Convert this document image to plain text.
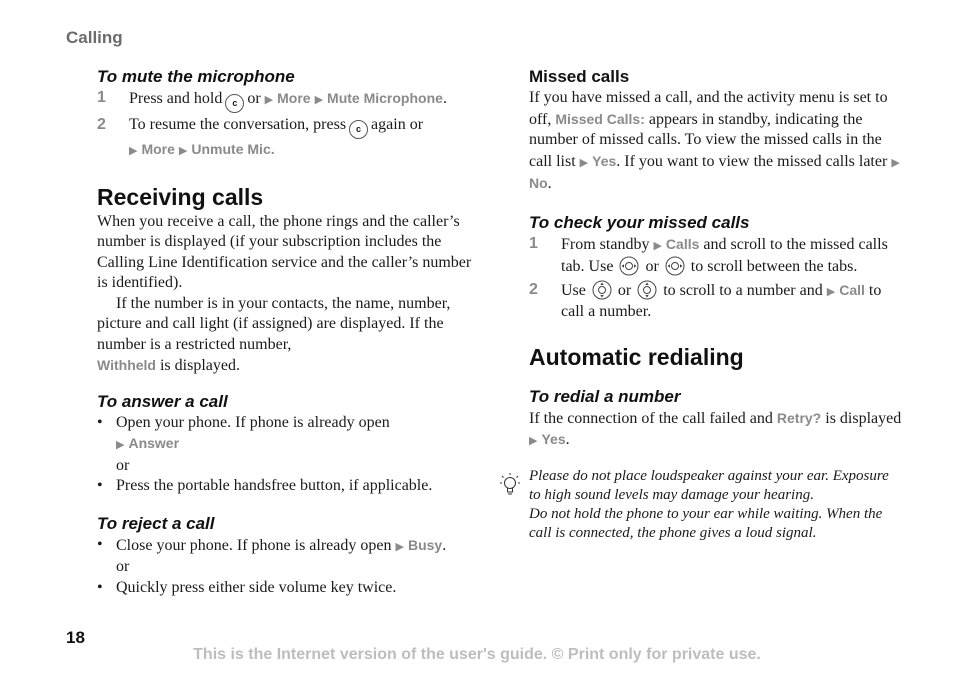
Calling

To mute the microphone

1 Press and hold c or ▶ More ▶ Mute Microphone.
2 To resume the conversation, press c again or
▶ More ▶ Unmute Mic.

Receiving calls

When you receive a call, the phone rings and the caller’s number is displayed (if your subscription includes the Calling Line Identification service and the caller’s number is identified).

If the number is in your contacts, the name, number, picture and call light (if assigned) are displayed. If the number is a restricted number,
Withheld is displayed.

To answer a call

• Open your phone. If phone is already open
▶ Answer
or
• Press the portable handsfree button, if applicable.

To reject a call

• Close your phone. If phone is already open ▶ Busy.
or
• Quickly press either side volume key twice.

Missed calls

If you have missed a call, and the activity menu is set to off, Missed Calls: appears in standby, indicating the number of missed calls. To view the missed calls in the call list ▶ Yes. If you want to view the missed calls later ▶ No.

To check your missed calls

1 From standby ▶ Calls and scroll to the missed calls tab. Use or to scroll between the tabs.
2 Use or to scroll to a number and ▶ Call to call a number.

Automatic redialing

To redial a number

If the connection of the call failed and Retry? is displayed ▶ Yes.

Please do not place loudspeaker against your ear. Exposure to high sound levels may damage your hearing.

Do not hold the phone to your ear while waiting. When the call is connected, the phone gives a loud signal.

18
This is the Internet version of the user's guide. © Print only for private use.
